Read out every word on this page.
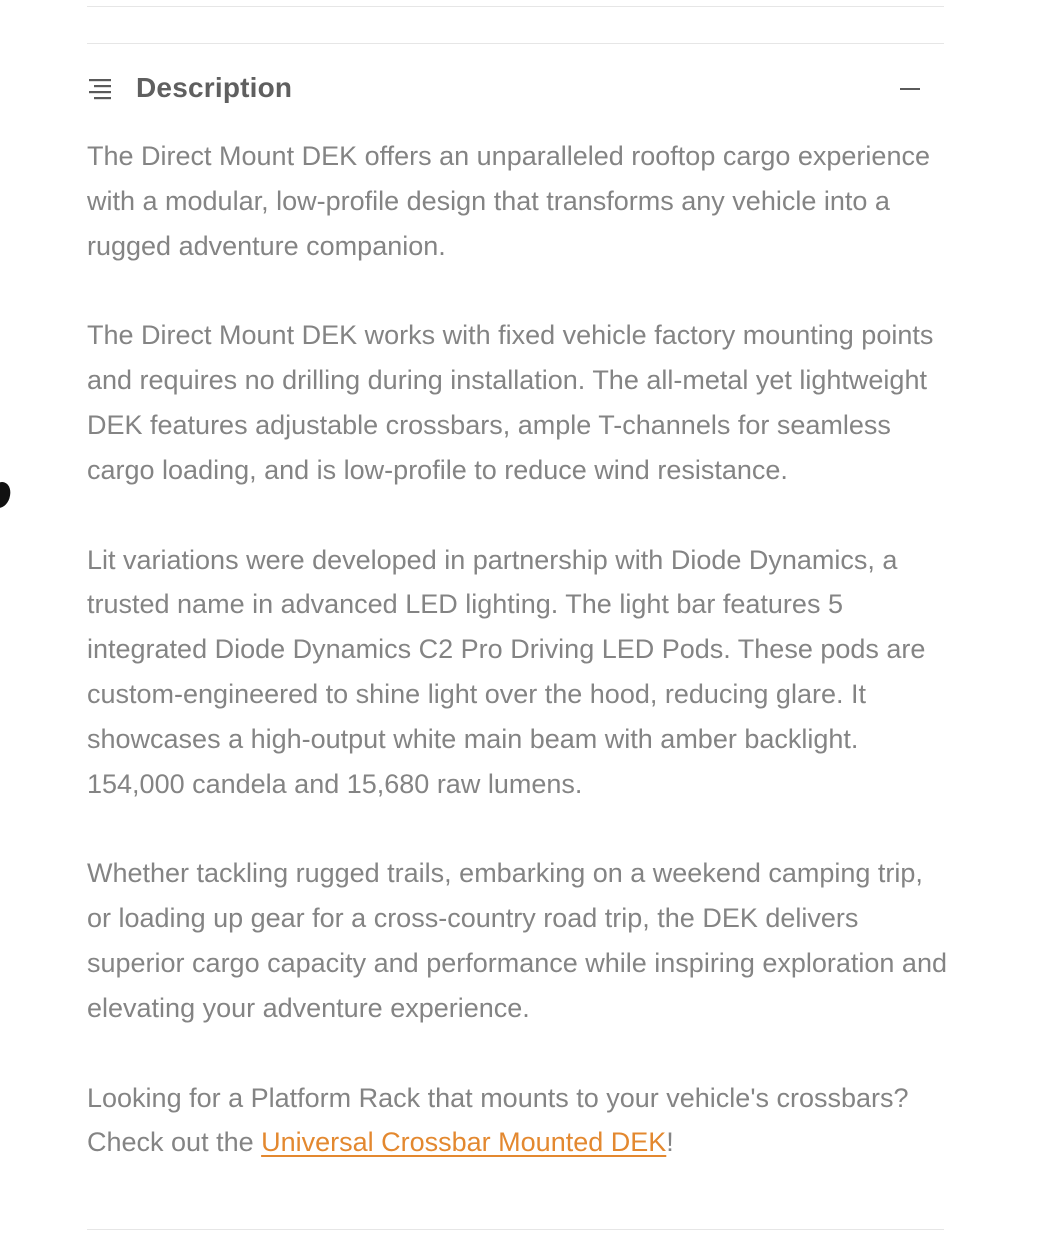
Description

The Direct Mount DEK offers an unparalleled rooftop cargo experience with a modular, low-profile design that transforms any vehicle into a rugged adventure companion.

The Direct Mount DEK works with fixed vehicle factory mounting points and requires no drilling during installation. The all-metal yet lightweight DEK features adjustable crossbars, ample T-channels for seamless cargo loading, and is low-profile to reduce wind resistance.

Lit variations were developed in partnership with Diode Dynamics, a trusted name in advanced LED lighting. The light bar features 5 integrated Diode Dynamics C2 Pro Driving LED Pods. These pods are custom-engineered to shine light over the hood, reducing glare. It showcases a high-output white main beam with amber backlight. 154,000 candela and 15,680 raw lumens.

Whether tackling rugged trails, embarking on a weekend camping trip, or loading up gear for a cross-country road trip, the DEK delivers superior cargo capacity and performance while inspiring exploration and elevating your adventure experience.

Looking for a Platform Rack that mounts to your vehicle's crossbars? Check out the Universal Crossbar Mounted DEK!
